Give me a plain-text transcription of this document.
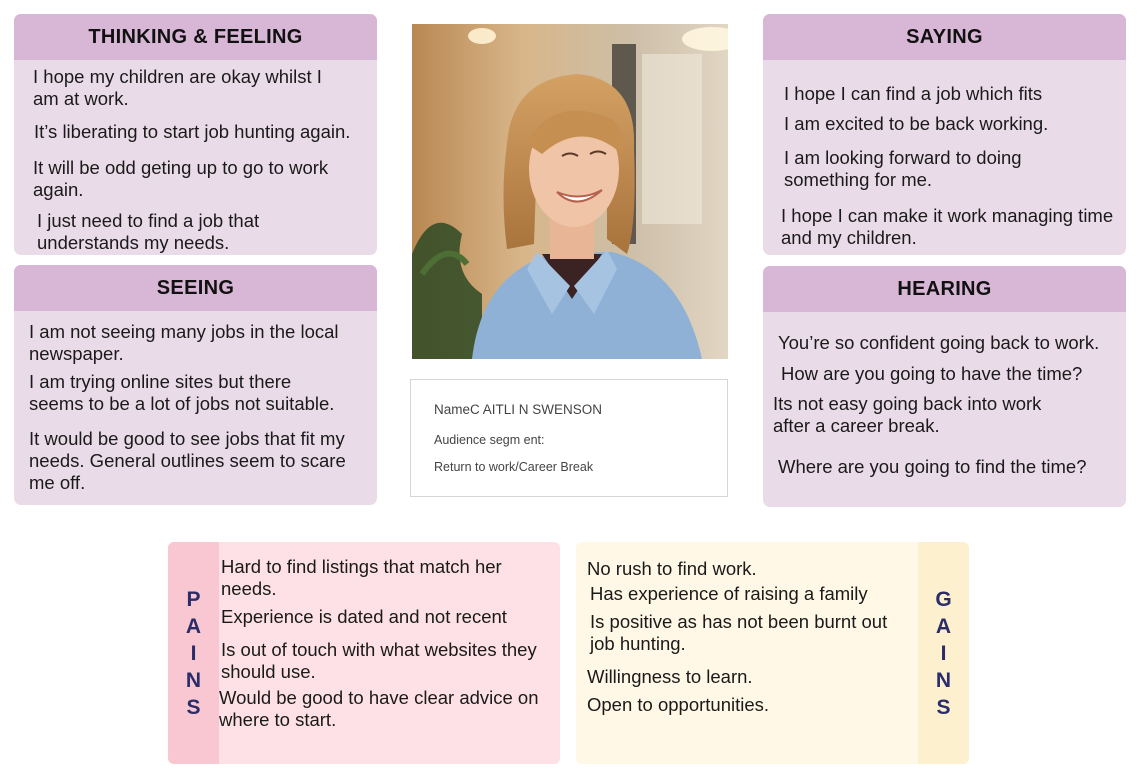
THINKING & FEELING
I hope my children are okay whilst I am at work.
It’s liberating to start job hunting again.
It will be odd geting up to go to work again.
I just need to find a job that understands my needs.
SEEING
I am not seeing many jobs in the local newspaper.
I am trying online sites but there seems to be a lot of jobs not suitable.
It would be good to see jobs that fit my needs. General outlines seem to scare me off.
SAYING
I hope I can find a job which fits
I am excited to be back working.
I am looking forward to doing something for me.
I hope I can make it work managing time and my children.
HEARING
You’re so confident going back to work.
How are you going to have the time?
Its not easy going back into work after a career break.
Where are you going to find the time?
NameC AITLI N SWENSON
Audience segm ent:
Return to work/Career Break
P
A
I
N
S
Hard to find listings that match her needs.
Experience is dated and not recent
Is out of touch with what websites they should use.
Would be good to have clear advice on where to start.
No rush to find work.
Has experience of raising a family
Is positive as has not been burnt out job hunting.
Willingness to learn.
Open to opportunities.
G
A
I
N
S
